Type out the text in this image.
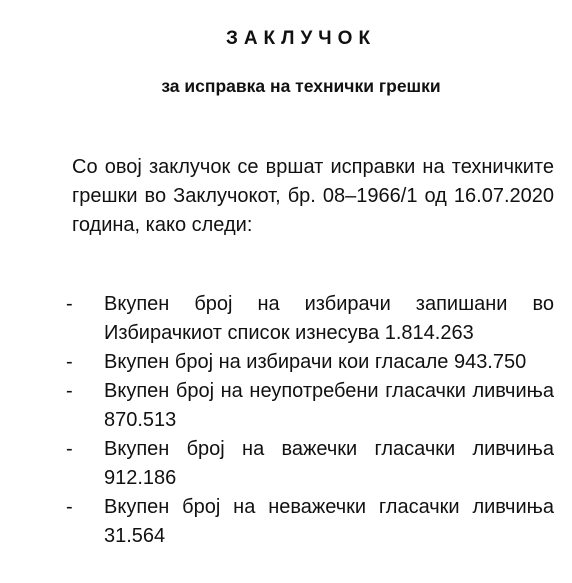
ЗАКЛУЧОК
за исправка на технички грешки
Со овој заклучок се вршат исправки на техничките грешки во Заклучокот, бр. 08–1966/1 од 16.07.2020 година, како следи:
- Вкупен број на избирачи запишани во Избирачкиот список изнесува 1.814.263
- Вкупен број на избирачи кои гласале 943.750
- Вкупен број на неупотребени гласачки ливчиња 870.513
- Вкупен број на важечки гласачки ливчиња 912.186
- Вкупен број на неважечки гласачки ливчиња 31.564
